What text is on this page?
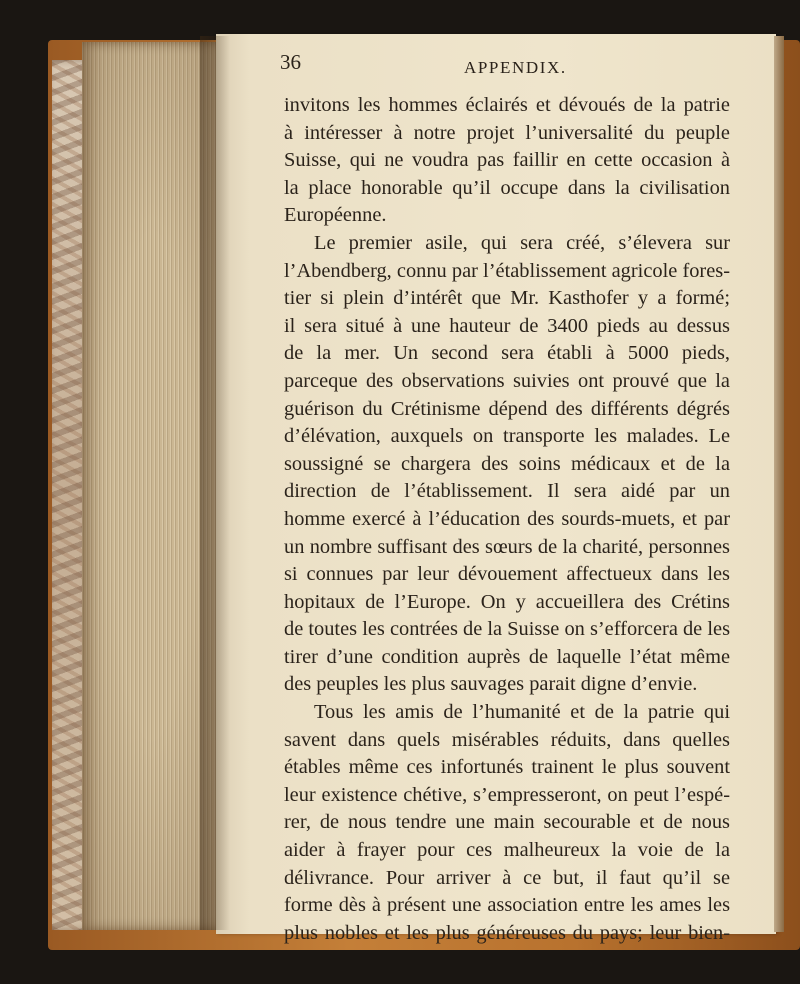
36	APPENDIX.
invitons les hommes éclairés et dévoués de la patrie
à intéresser à notre projet l’universalité du peuple
Suisse, qui ne voudra pas faillir en cette occasion à
la place honorable qu’il occupe dans la civilisation
Européenne.
Le premier asile, qui sera créé, s’élevera sur
l’Abendberg, connu par l’établissement agricole fores-
tier si plein d’intérêt que Mr. Kasthofer y a formé;
il sera situé à une hauteur de 3400 pieds au dessus
de la mer. Un second sera établi à 5000 pieds,
parceque des observations suivies ont prouvé que la
guérison du Crétinisme dépend des différents dégrés
d’élévation, auxquels on transporte les malades. Le
soussigné se chargera des soins médicaux et de la
direction de l’établissement. Il sera aidé par un
homme exercé à l’éducation des sourds-muets, et par
un nombre suffisant des sœurs de la charité, personnes
si connues par leur dévouement affectueux dans les
hopitaux de l’Europe. On y accueillera des Crétins
de toutes les contrées de la Suisse on s’efforcera de les
tirer d’une condition auprès de laquelle l’état même
des peuples les plus sauvages parait digne d’envie.
Tous les amis de l’humanité et de la patrie qui
savent dans quels misérables réduits, dans quelles
étables même ces infortunés trainent le plus souvent
leur existence chétive, s’empresseront, on peut l’espé-
rer, de nous tendre une main secourable et de nous
aider à frayer pour ces malheureux la voie de la
délivrance. Pour arriver à ce but, il faut qu’il se
forme dès à présent une association entre les ames les
plus nobles et les plus généreuses du pays; leur bien-
